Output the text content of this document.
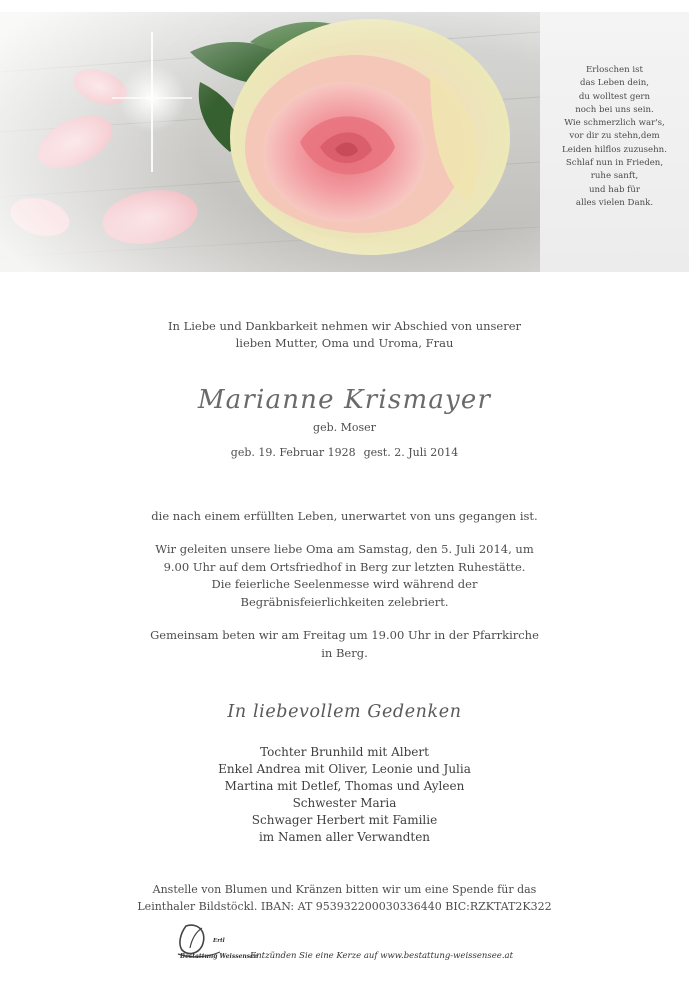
Erloschen ist
das Leben dein,
du wolltest gern
noch bei uns sein.
Wie schmerzlich war's,
vor dir zu stehn,dem
Leiden hilflos zuzusehn.
Schlaf nun in Frieden,
ruhe sanft,
und hab für
alles vielen Dank.
In Liebe und Dankbarkeit nehmen wir Abschied von unserer
lieben Mutter, Oma und Uroma, Frau
Marianne Krismayer
geb. Moser
geb. 19. Februar 1928 gest. 2. Juli 2014
die nach einem erfüllten Leben, unerwartet von uns gegangen ist.
Wir geleiten unsere liebe Oma am Samstag, den 5. Juli 2014, um
9.00 Uhr auf dem Ortsfriedhof in Berg zur letzten Ruhestätte.
Die feierliche Seelenmesse wird während der
Begräbnisfeierlichkeiten zelebriert.
Gemeinsam beten wir am Freitag um 19.00 Uhr in der Pfarrkirche
in Berg.
In liebevollem Gedenken
Tochter Brunhild mit Albert
Enkel Andrea mit Oliver, Leonie und Julia
Martina mit Detlef, Thomas und Ayleen
Schwester Maria
Schwager Herbert mit Familie
im Namen aller Verwandten
Anstelle von Blumen und Kränzen bitten wir um eine Spende für das
Leinthaler Bildstöckl. IBAN: AT 953932200030336440 BIC:RZKTAT2K322
Ertl
Bestattung Weissensee
Entzünden Sie eine Kerze auf www.bestattung-weissensee.at
